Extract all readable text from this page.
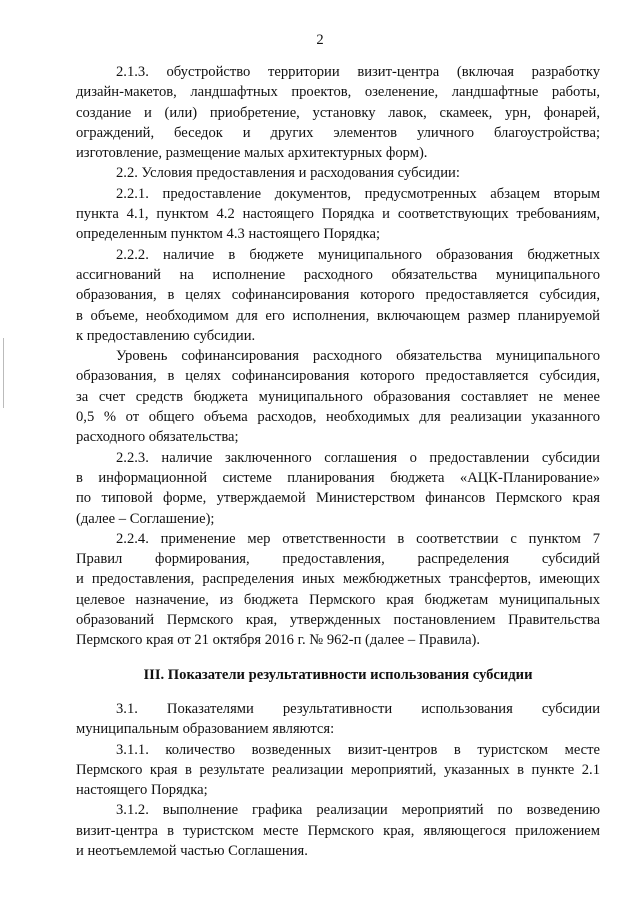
2
2.1.3. обустройство территории визит-центра (включая разработку
дизайн-макетов, ландшафтных проектов, озеленение, ландшафтные работы,
создание и (или) приобретение, установку лавок, скамеек, урн, фонарей,
ограждений, беседок и других элементов уличного благоустройства;
изготовление, размещение малых архитектурных форм).
2.2. Условия предоставления и расходования субсидии:
2.2.1. предоставление документов, предусмотренных абзацем вторым
пункта 4.1, пунктом 4.2 настоящего Порядка и соответствующих требованиям,
определенным пунктом 4.3 настоящего Порядка;
2.2.2. наличие в бюджете муниципального образования бюджетных
ассигнований на исполнение расходного обязательства муниципального
образования, в целях софинансирования которого предоставляется субсидия,
в объеме, необходимом для его исполнения, включающем размер планируемой
к предоставлению субсидии.
Уровень софинансирования расходного обязательства муниципального
образования, в целях софинансирования которого предоставляется субсидия,
за счет средств бюджета муниципального образования составляет не менее
0,5 % от общего объема расходов, необходимых для реализации указанного
расходного обязательства;
2.2.3. наличие заключенного соглашения о предоставлении субсидии
в информационной системе планирования бюджета «АЦК-Планирование»
по типовой форме, утверждаемой Министерством финансов Пермского края
(далее – Соглашение);
2.2.4. применение мер ответственности в соответствии с пунктом 7
Правил формирования, предоставления, распределения субсидий
и предоставления, распределения иных межбюджетных трансфертов, имеющих
целевое назначение, из бюджета Пермского края бюджетам муниципальных
образований Пермского края, утвержденных постановлением Правительства
Пермского края от 21 октября 2016 г. № 962-п (далее – Правила).
III. Показатели результативности использования субсидии
3.1. Показателями результативности использования субсидии
муниципальным образованием являются:
3.1.1. количество возведенных визит-центров в туристском месте
Пермского края в результате реализации мероприятий, указанных в пункте 2.1
настоящего Порядка;
3.1.2. выполнение графика реализации мероприятий по возведению
визит-центра в туристском месте Пермского края, являющегося приложением
и неотъемлемой частью Соглашения.
